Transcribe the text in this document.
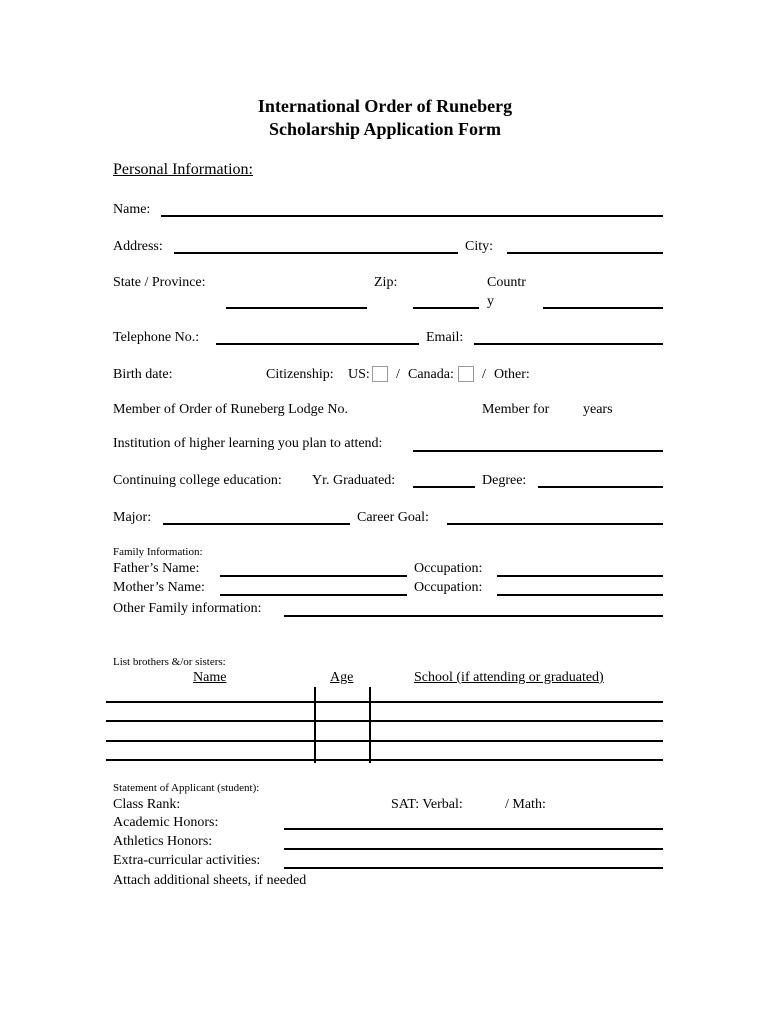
International Order of Runeberg
Scholarship Application Form
Personal Information:
Name:
Address:	City:
State / Province:	Zip:	Countr
y
Telephone No.:	Email:
Birth date:	Citizenship: US: / Canada: / Other:
Member of Order of Runeberg Lodge No.	Member for years
Institution of higher learning you plan to attend:
Continuing college education: Yr. Graduated:	Degree:
Major:	Career Goal:
Family Information:
Father’s Name:	Occupation:
Mother’s Name:	Occupation:
Other Family information:
List brothers &/or sisters:
Name	Age	School (if attending or graduated)
Statement of Applicant (student):
Class Rank:	SAT: Verbal:	/ Math:
Academic Honors:
Athletics Honors:
Extra-curricular activities:
Attach additional sheets, if needed
